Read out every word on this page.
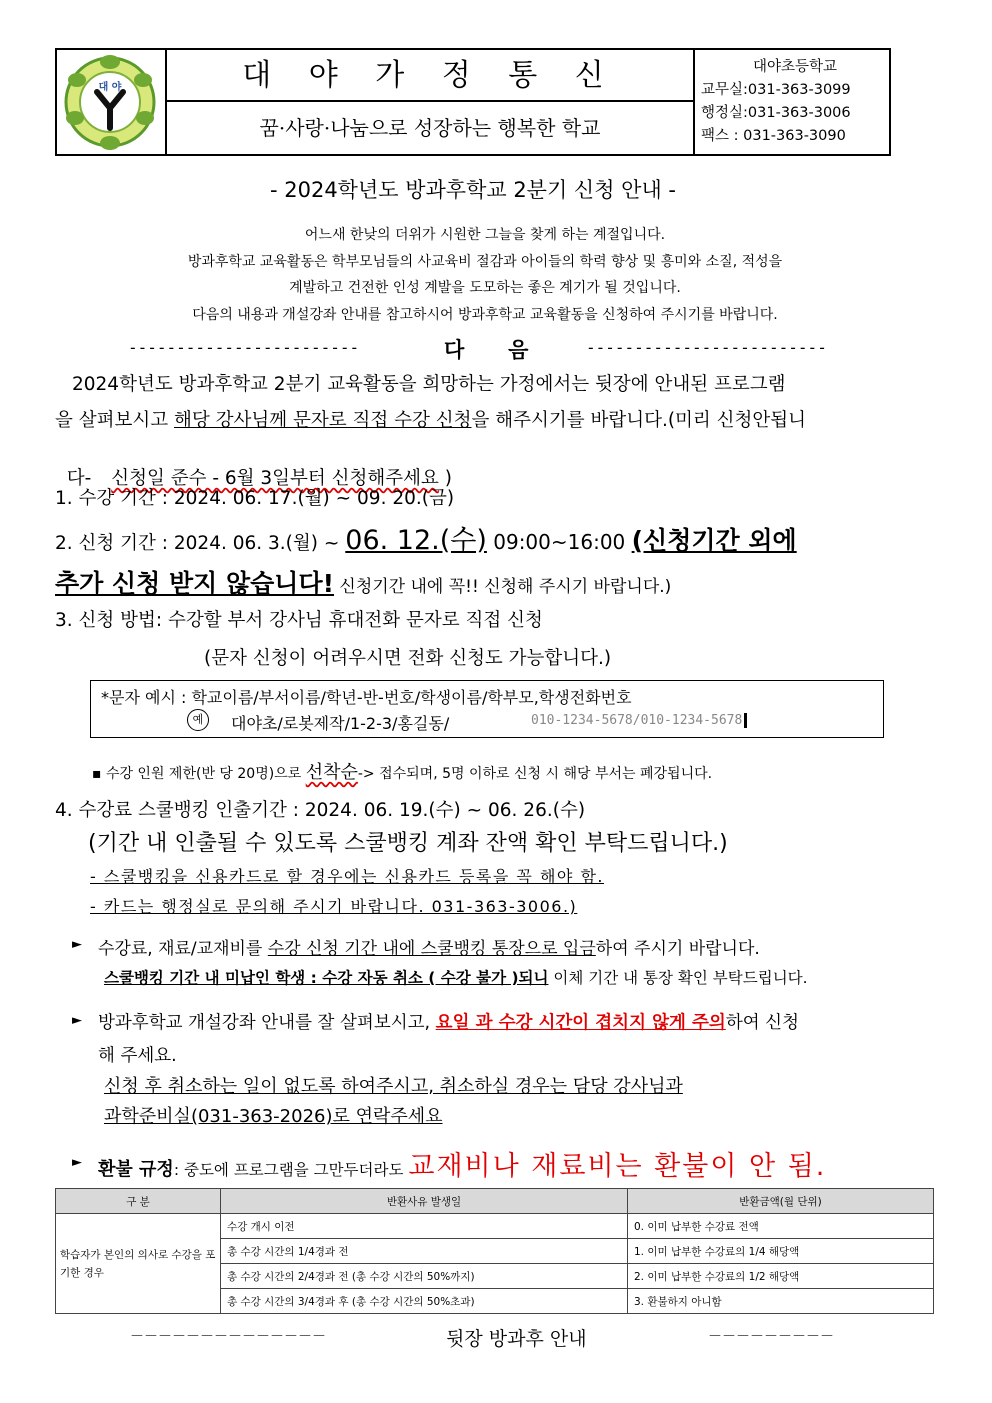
대 야	대 야 가 정 통 신
꿈·사랑·나눔으로 성장하는 행복한 학교
대야초등학교
교무실:031-363-3099
행정실:031-363-3006
팩스 : 031-363-3090
- 2024학년도 방과후학교 2분기 신청 안내 -
어느새 한낮의 더위가 시원한 그늘을 찾게 하는 계절입니다.
방과후학교 교육활동은 학부모님들의 사교육비 절감과 아이들의 학력 향상 및 흥미와 소질, 적성을
계발하고 건전한 인성 계발을 도모하는 좋은 계기가 될 것입니다.
다음의 내용과 개설강좌 안내를 참고하시어 방과후학교 교육활동을 신청하여 주시기를 바랍니다.
------------------------	다      음	-------------------------
2024학년도 방과후학교 2분기 교육활동을 희망하는 가정에서는 뒷장에 안내된 프로그램
을 살펴보시고 해당 강사님께 문자로 직접 수강 신청을 해주시기를 바랍니다.(미리 신청안됩니

다- 신청일 준수 - 6월 3일부터 신청해주세요 )

1. 수강 기간 : 2024. 06. 17.(월) ~ 09. 20.(금)
2. 신청 기간 : 2024. 06. 3.(월) ~ 06. 12.(수) 09:00~16:00 (신청기간 외에
추가 신청 받지 않습니다! 신청기간 내에 꼭!! 신청해 주시기 바랍니다.)
3. 신청 방법: 수강할 부서 강사님 휴대전화 문자로 직접 신청
(문자 신청이 어려우시면 전화 신청도 가능합니다.)
*문자 예시 : 학교이름/부서이름/학년-반-번호/학생이름/학부모,학생전화번호
예	대야초/로봇제작/1-2-3/홍길동/	010-1234-5678/010-1234-5678
▪ 수강 인원 제한(반 당 20명)으로 선착순-> 접수되며, 5명 이하로 신청 시 해당 부서는 폐강됩니다.
4. 수강료 스쿨뱅킹 인출기간 : 2024. 06. 19.(수) ~ 06. 26.(수)
(기간 내 인출될 수 있도록 스쿨뱅킹 계좌 잔액 확인 부탁드립니다.)
- 스쿨뱅킹을 신용카드로 할 경우에는 신용카드 등록을 꼭 해야 함.
- 카드는 행정실로 문의해 주시기 바랍니다. 031-363-3006.)
► 수강료, 재료/교재비를 수강 신청 기간 내에 스쿨뱅킹 통장으로 입금하여 주시기 바랍니다.
스쿨뱅킹 기간 내 미납인 학생 : 수강 자동 취소 ( 수강 불가 )되니 이체 기간 내 통장 확인 부탁드립니다.
► 방과후학교 개설강좌 안내를 잘 살펴보시고, 요일 과 수강 시간이 겹치지 않게 주의하여 신청
해 주세요.
신청 후 취소하는 일이 없도록 하여주시고, 취소하실 경우는 담당 강사님과
과학준비실(031-363-2026)로 연락주세요
► 환불 규정: 중도에 프로그램을 그만두더라도 교재비나 재료비는 환불이 안 됨.
구 분	반환사유 발생일	반환금액(월 단위)
학습자가 본인의 의사로 수강을 포기한 경우	수강 개시 이전	0. 이미 납부한 수강료 전액
	총 수강 시간의 1/4경과 전	1. 이미 납부한 수강료의 1/4 해당액
	총 수강 시간의 2/4경과 전 (총 수강 시간의 50%까지)	2. 이미 납부한 수강료의 1/2 해당액
	총 수강 시간의 3/4경과 후 (총 수강 시간의 50%초과)	3. 환불하지 아니함
－－－－－－－－－－－－－－	뒷장 방과후 안내	－－－－－－－－－
